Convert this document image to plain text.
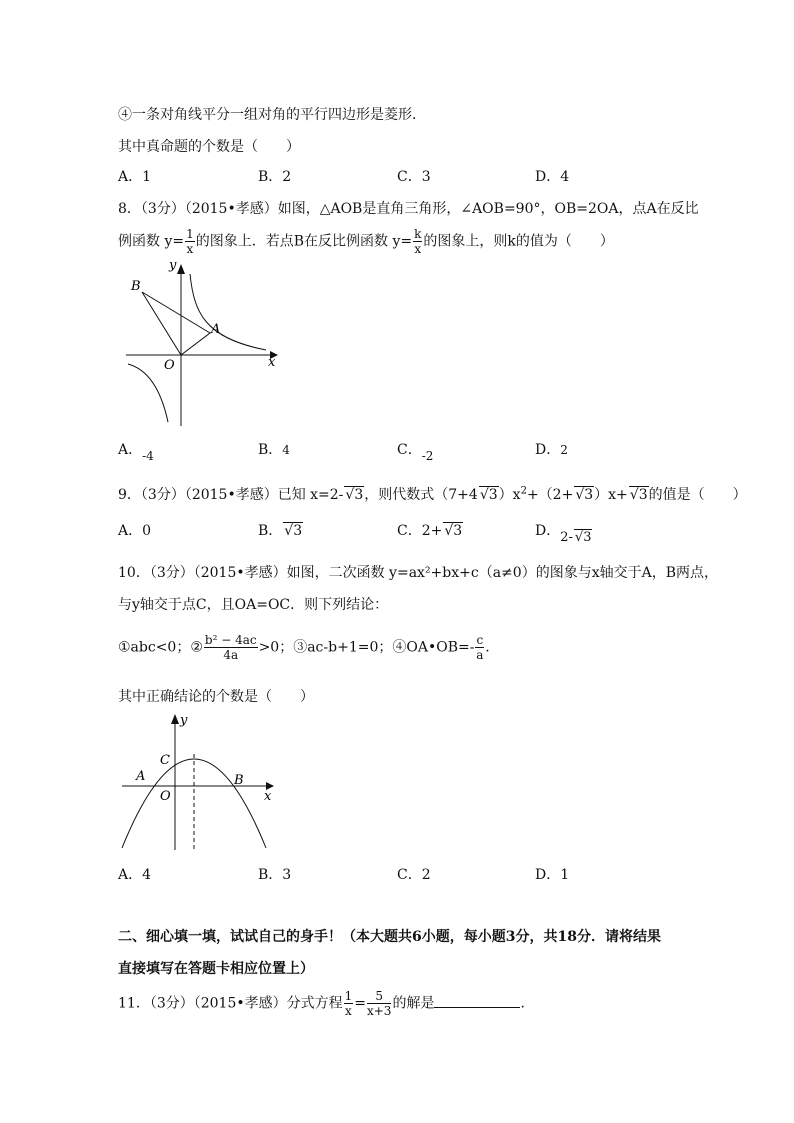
④一条对角线平分一组对角的平行四边形是菱形．
其中真命题的个数是（　　）
A．1	B．2	C．3	D．4
8．（3分）（2015•孝感）如图，△AOB是直角三角形，∠AOB=90°，OB=2OA，点A在反比
例函数 $y= \frac{1}{x}$ 的图象上．若点B在反比例函数 $y= \frac{k}{x}$ 的图象上，则k的值为（　　）
B
A
O	x
y
A．-4	B．4	C．-2	D．2
9．（3分）（2015•孝感）已知 x=2-√ 3，则代数式（7+4√ $3)x^2+(2+√$ 3）x+√ 3的值是（　　）
A．0	B．√ 3	C．2+√ 3	D．2-√ 3
10．（3分）（2015•孝感）如图，二次函数 y=ax²+bx+c（a≠0）的图象与x轴交于A，B两点，
与y轴交于点C，且OA=OC．则下列结论：
①abc<0；② $\frac{\text{b² − 4ac}}{4a} >0$；③ac-b+1=0；④OA•OB=- $\frac{c}{a}$ .
其中正确结论的个数是（　　）
C
A
O
B
x
y
A．4	B．3	C．2	D．1
二、细心填一填，试试自己的身手！（本大题共6小题，每小题3分，共18分．请将结果
直接填写在答题卡相应位置上）
11．（3分）（2015•孝感）分式方程 $\frac{1}{x} = \frac{5}{x+3}$ 的解是	．
